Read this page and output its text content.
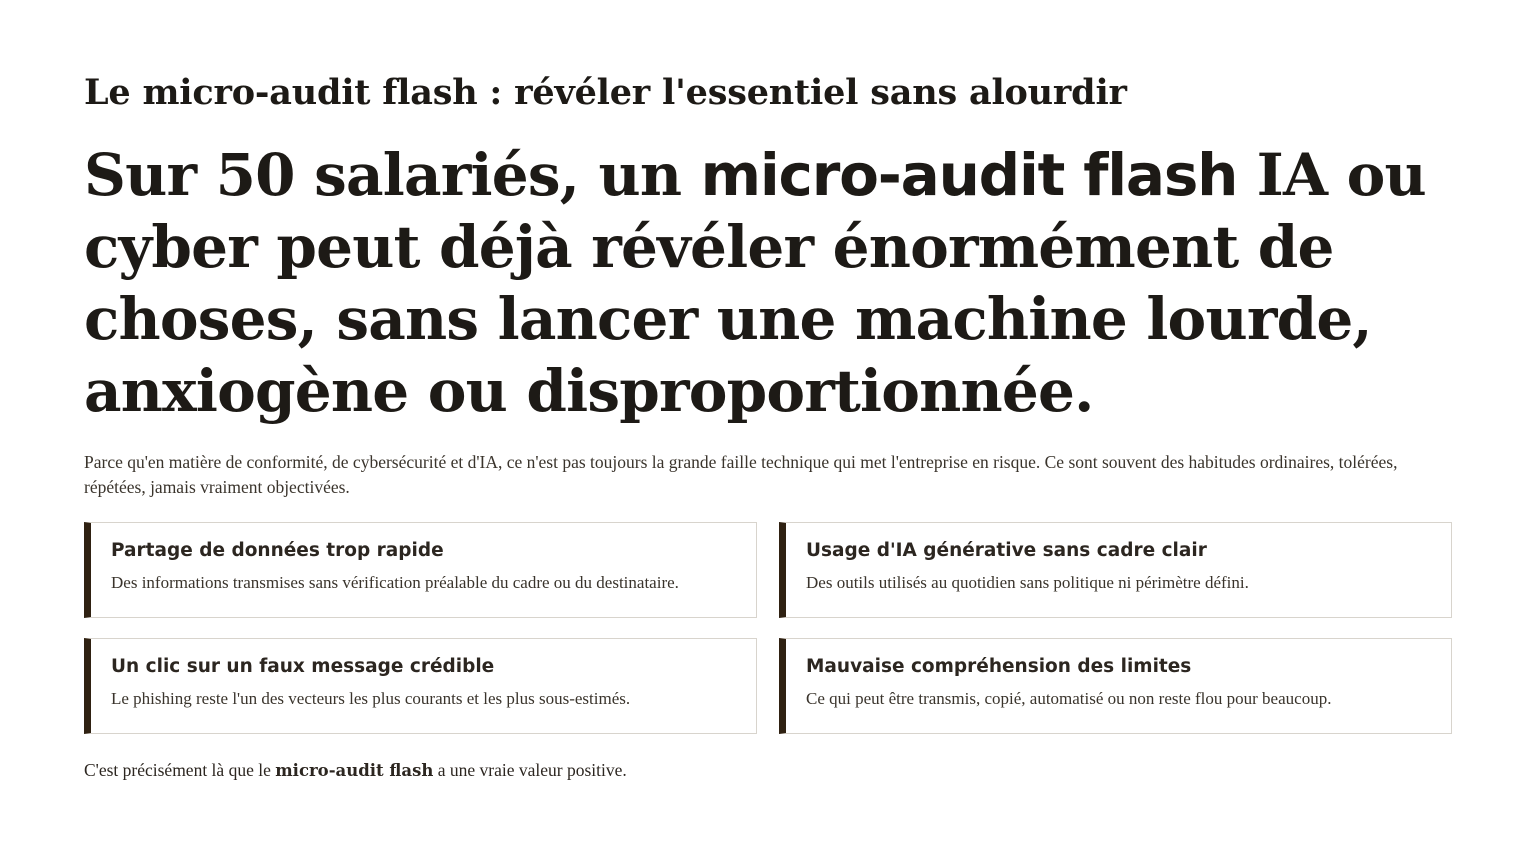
Le micro-audit flash : révéler l'essentiel sans alourdir
Sur 50 salariés, un micro-audit flash IA ou cyber peut déjà révéler énormément de choses, sans lancer une machine lourde, anxiogène ou disproportionnée.

Parce qu'en matière de conformité, de cybersécurité et d'IA, ce n'est pas toujours la grande faille technique qui met l'entreprise en risque. Ce sont souvent des habitudes ordinaires, tolérées, répétées, jamais vraiment objectivées.

Partage de données trop rapide
Des informations transmises sans vérification préalable du cadre ou du destinataire.
Usage d'IA générative sans cadre clair
Des outils utilisés au quotidien sans politique ni périmètre défini.
Un clic sur un faux message crédible
Le phishing reste l'un des vecteurs les plus courants et les plus sous-estimés.
Mauvaise compréhension des limites
Ce qui peut être transmis, copié, automatisé ou non reste flou pour beaucoup.

C'est précisément là que le micro-audit flash a une vraie valeur positive.
